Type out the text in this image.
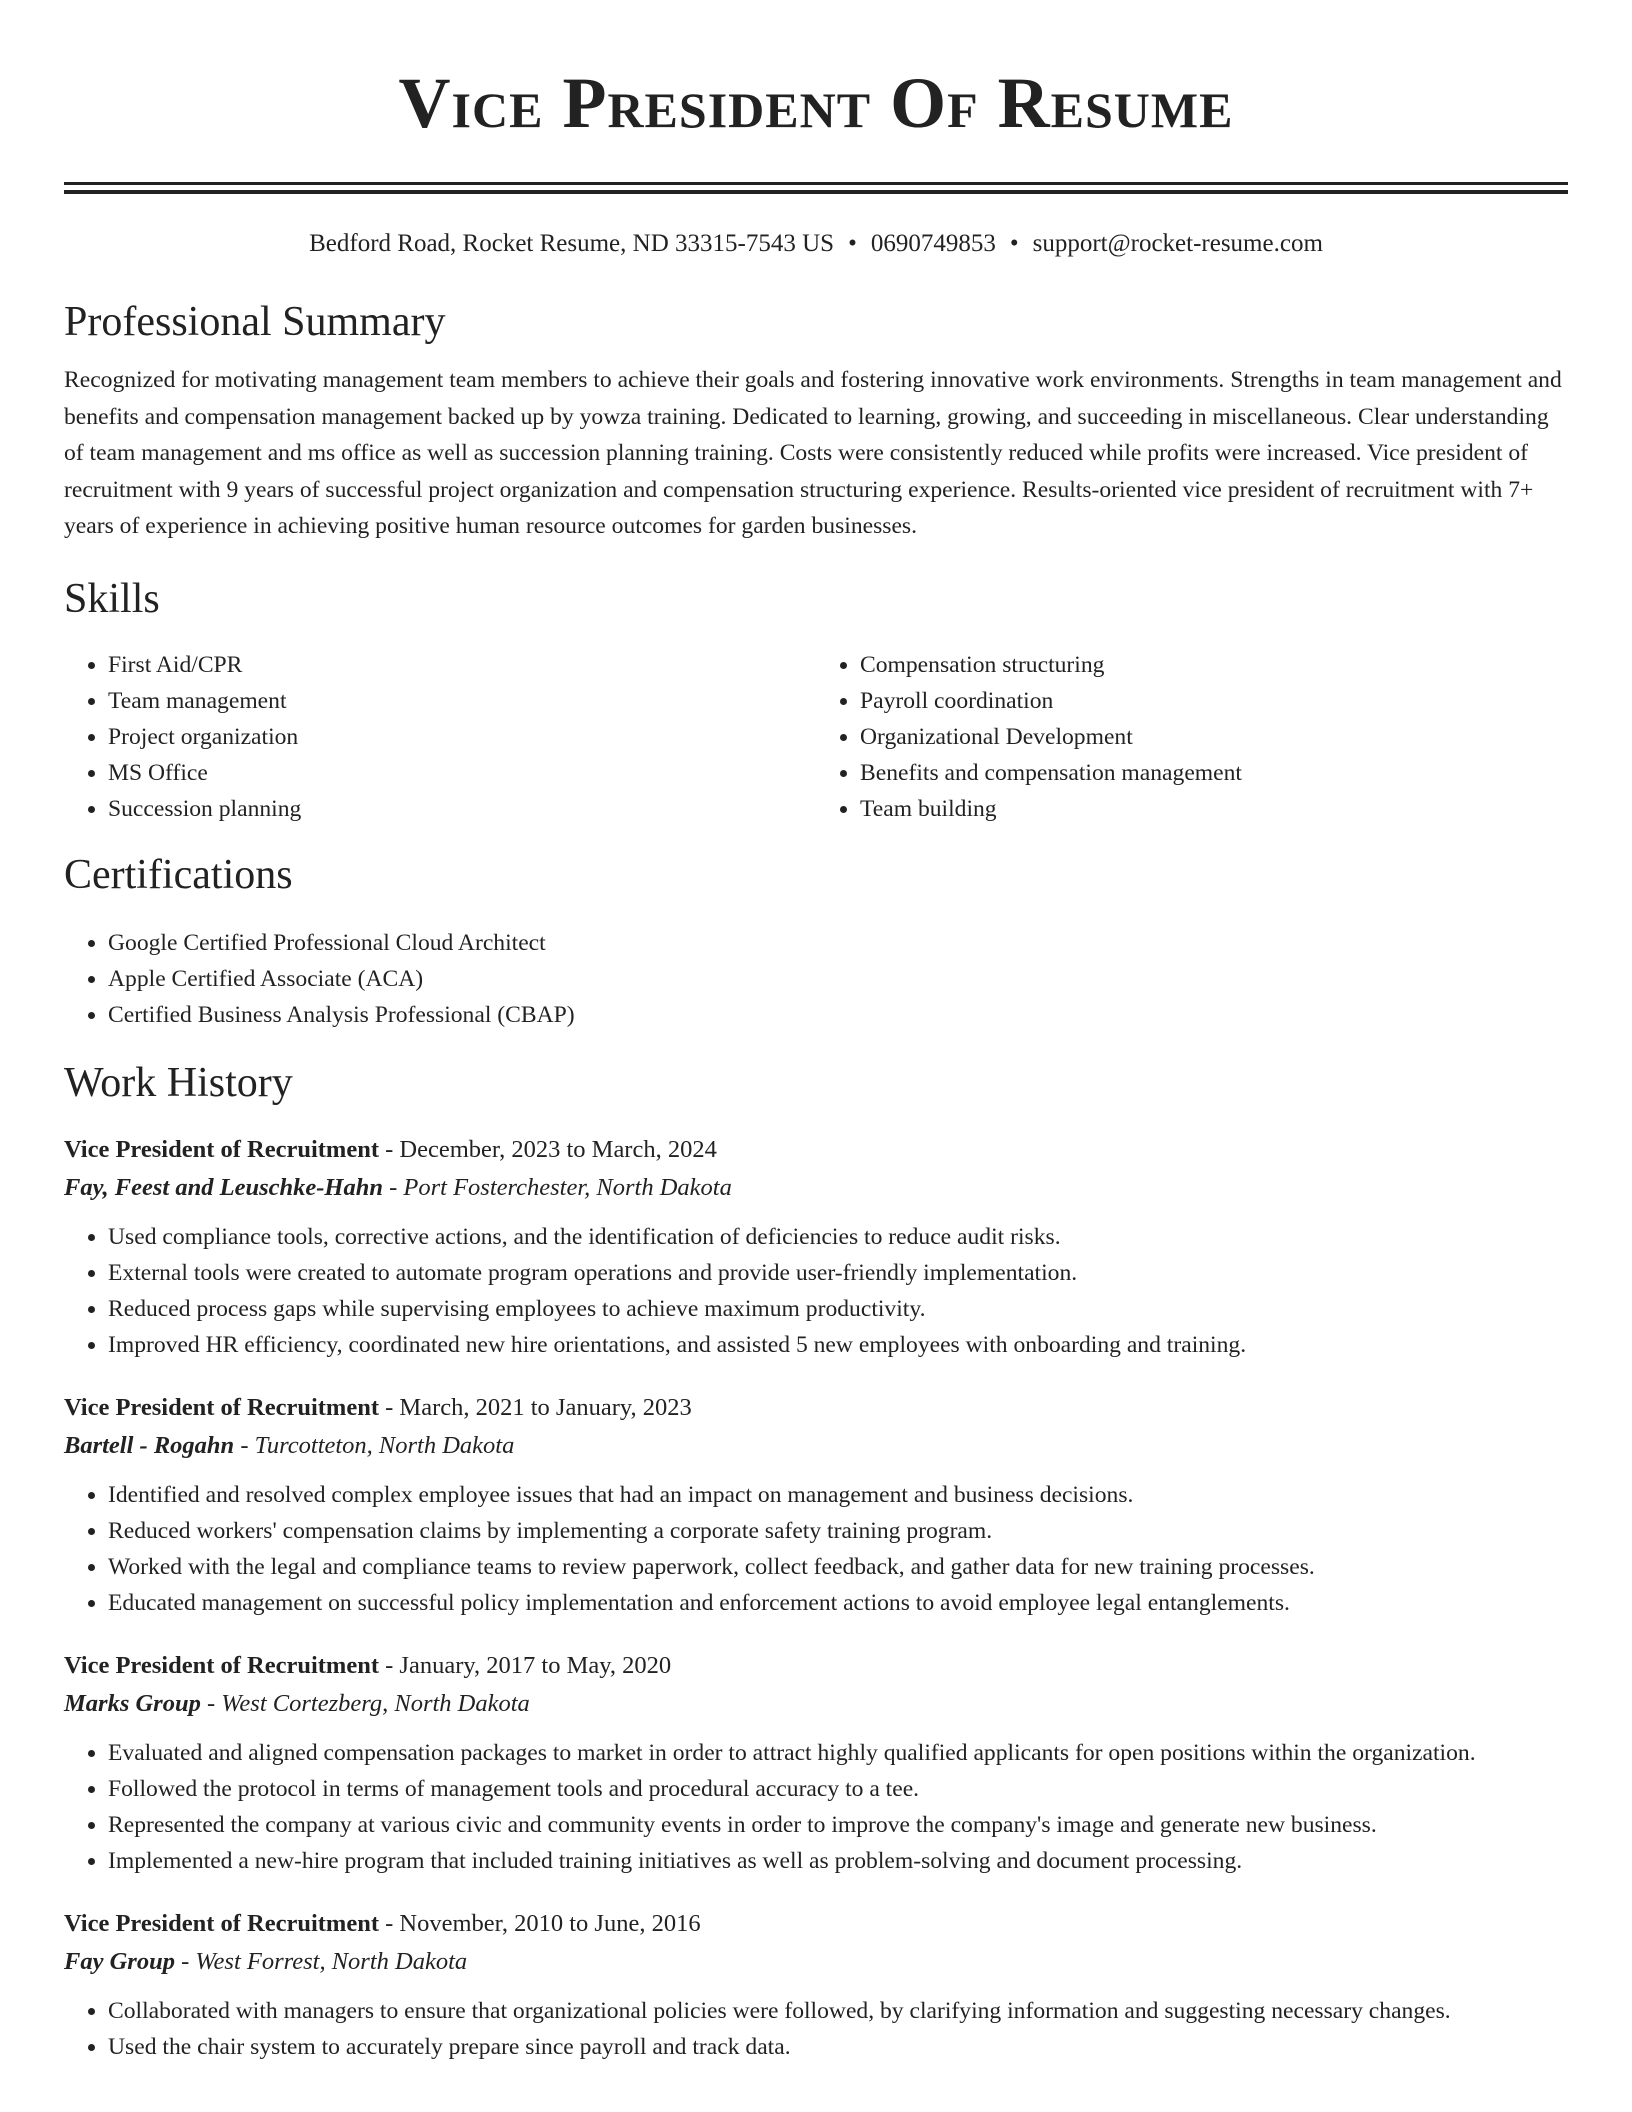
Vice President Of Resume
Bedford Road, Rocket Resume, ND 33315-7543 US • 0690749853 • support@rocket-resume.com
Professional Summary

Recognized for motivating management team members to achieve their goals and fostering innovative work environments. Strengths in team management and benefits and compensation management backed up by yowza training. Dedicated to learning, growing, and succeeding in miscellaneous. Clear understanding of team management and ms office as well as succession planning training. Costs were consistently reduced while profits were increased. Vice president of recruitment with 9 years of successful project organization and compensation structuring experience. Results-oriented vice president of recruitment with 7+ years of experience in achieving positive human resource outcomes for garden businesses.

Skills
• First Aid/CPR
• Team management
• Project organization
• MS Office
• Succession planning
• Compensation structuring
• Payroll coordination
• Organizational Development
• Benefits and compensation management
• Team building
Certifications
• Google Certified Professional Cloud Architect
• Apple Certified Associate (ACA)
• Certified Business Analysis Professional (CBAP)
Work History
Vice President of Recruitment - December, 2023 to March, 2024
Fay, Feest and Leuschke-Hahn - Port Fosterchester, North Dakota
• Used compliance tools, corrective actions, and the identification of deficiencies to reduce audit risks.
• External tools were created to automate program operations and provide user-friendly implementation.
• Reduced process gaps while supervising employees to achieve maximum productivity.
• Improved HR efficiency, coordinated new hire orientations, and assisted 5 new employees with onboarding and training.
Vice President of Recruitment - March, 2021 to January, 2023
Bartell - Rogahn - Turcotteton, North Dakota
• Identified and resolved complex employee issues that had an impact on management and business decisions.
• Reduced workers' compensation claims by implementing a corporate safety training program.
• Worked with the legal and compliance teams to review paperwork, collect feedback, and gather data for new training processes.
• Educated management on successful policy implementation and enforcement actions to avoid employee legal entanglements.
Vice President of Recruitment - January, 2017 to May, 2020
Marks Group - West Cortezberg, North Dakota
• Evaluated and aligned compensation packages to market in order to attract highly qualified applicants for open positions within the organization.
• Followed the protocol in terms of management tools and procedural accuracy to a tee.
• Represented the company at various civic and community events in order to improve the company's image and generate new business.
• Implemented a new-hire program that included training initiatives as well as problem-solving and document processing.
Vice President of Recruitment - November, 2010 to June, 2016
Fay Group - West Forrest, North Dakota
• Collaborated with managers to ensure that organizational policies were followed, by clarifying information and suggesting necessary changes.
• Used the chair system to accurately prepare since payroll and track data.
